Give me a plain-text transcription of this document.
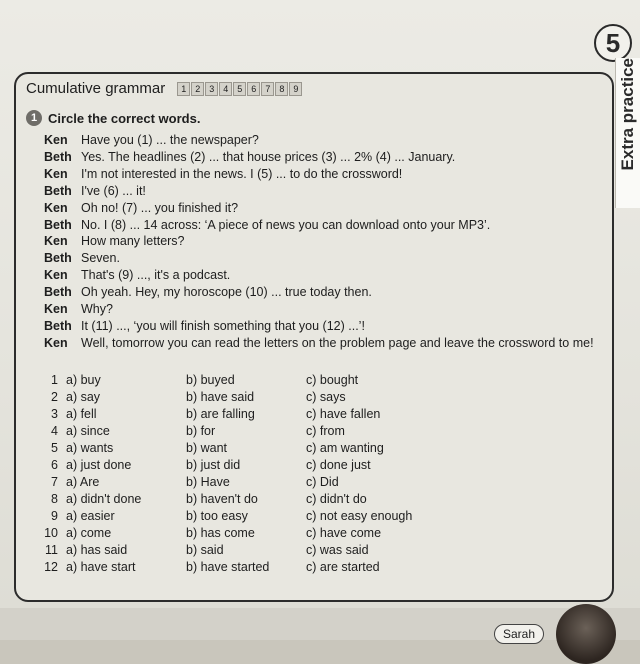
5
Extra practice
Cumulative grammar	1	2	3	4	5	6	7	8	9
1 Circle the correct words.
Ken	Have you (1) ... the newspaper?
Beth Yes. The headlines (2) ... that house prices (3) ... 2% (4) ... January.
Ken	I'm not interested in the news. I (5) ... to do the crossword!
Beth I've (6) ... it!
Ken	Oh no! (7) ... you finished it?
Beth No. I (8) ... 14 across: ‘A piece of news you can download onto your MP3’.
Ken	How many letters?
Beth Seven.
Ken	That's (9) ..., it's a podcast.
Beth Oh yeah. Hey, my horoscope (10) ... true today then.
Ken	Why?
Beth It (11) ..., ‘you will finish something that you (12) ...’!
Ken	Well, tomorrow you can read the letters on the problem page and leave the crossword to me!
1 a) buy	b) buyed	c) bought
2 a) say	b) have said	c) says
3 a) fell	b) are falling	c) have fallen
4 a) since	b) for	c) from
5 a) wants	b) want	c) am wanting
6 a) just done	b) just did	c) done just
7 a) Are	b) Have	c) Did
8 a) didn't done	b) haven't do	c) didn't do
9 a) easier	b) too easy	c) not easy enough
10 a) come	b) has come	c) have come
11 a) has said	b) said	c) was said
12 a) have start	b) have started	c) are started
Sarah
